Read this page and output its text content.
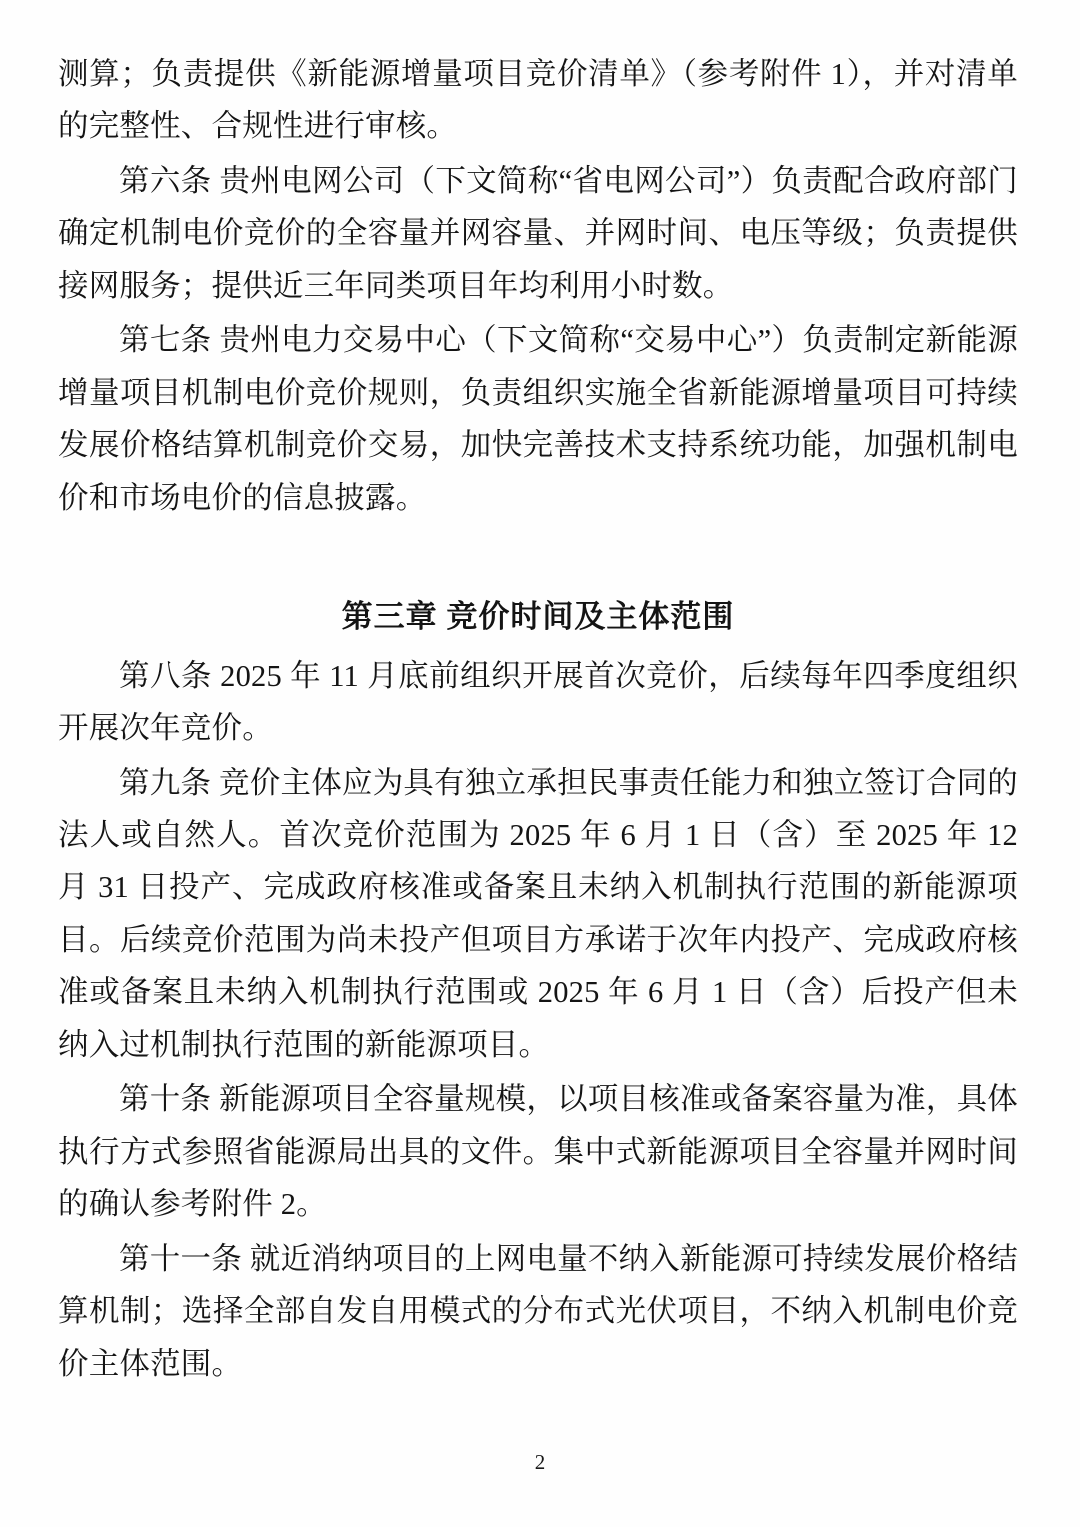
测算；负责提供《新能源增量项目竞价清单》（参考附件 1），并对清单的完整性、合规性进行审核。

第六条 贵州电网公司（下文简称“省电网公司”）负责配合政府部门确定机制电价竞价的全容量并网容量、并网时间、电压等级；负责提供接网服务；提供近三年同类项目年均利用小时数。

第七条 贵州电力交易中心（下文简称“交易中心”）负责制定新能源增量项目机制电价竞价规则，负责组织实施全省新能源增量项目可持续发展价格结算机制竞价交易，加快完善技术支持系统功能，加强机制电价和市场电价的信息披露。

第三章 竞价时间及主体范围

第八条 2025 年 11 月底前组织开展首次竞价，后续每年四季度组织开展次年竞价。

第九条 竞价主体应为具有独立承担民事责任能力和独立签订合同的法人或自然人。首次竞价范围为 2025 年 6 月 1 日（含）至 2025 年 12 月 31 日投产、完成政府核准或备案且未纳入机制执行范围的新能源项目。后续竞价范围为尚未投产但项目方承诺于次年内投产、完成政府核准或备案且未纳入机制执行范围或 2025 年 6 月 1 日（含）后投产但未纳入过机制执行范围的新能源项目。

第十条 新能源项目全容量规模，以项目核准或备案容量为准，具体执行方式参照省能源局出具的文件。集中式新能源项目全容量并网时间的确认参考附件 2。

第十一条 就近消纳项目的上网电量不纳入新能源可持续发展价格结算机制；选择全部自发自用模式的分布式光伏项目，不纳入机制电价竞价主体范围。

2
